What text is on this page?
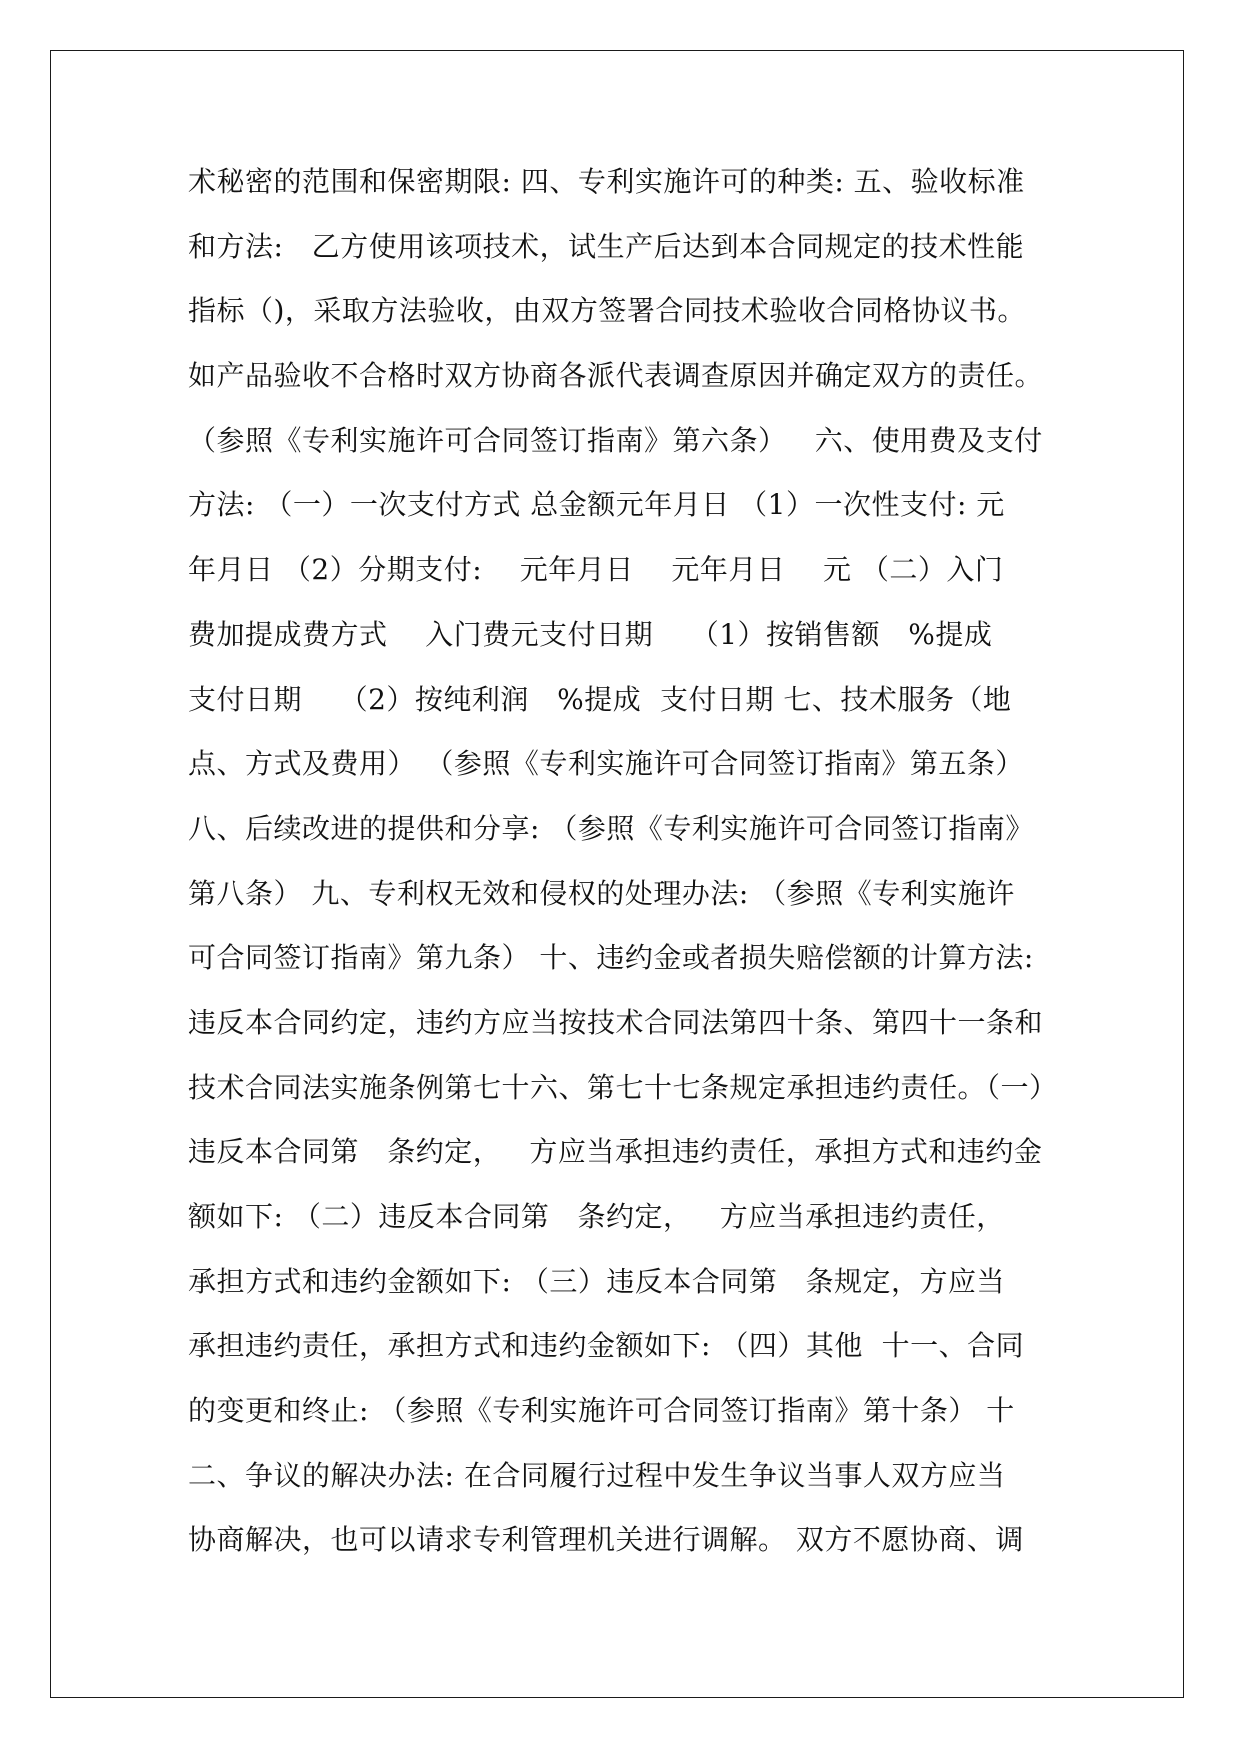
术秘密的范围和保密期限: 四、专利实施许可的种类: 五、验收标准
和方法:   乙方使用该项技术，试生产后达到本合同规定的技术性能
指标（)，采取方法验收，由双方签署合同技术验收合同格协议书。
如产品验收不合格时双方协商各派代表调查原因并确定双方的责任。
（参照《专利实施许可合同签订指南》第六条）   六、使用费及支付
方法: （一）一次支付方式 总金额元年月日 （1）一次性支付: 元
年月日 （2）分期支付:    元年月日    元年月日    元 （二）入门
费加提成费方式    入门费元支付日期    （1）按销售额   %提成
支付日期    （2）按纯利润   %提成  支付日期 七、技术服务（地
点、方式及费用） （参照《专利实施许可合同签订指南》第五条）
八、后续改进的提供和分享: （参照《专利实施许可合同签订指南》
第八条） 九、专利权无效和侵权的处理办法: （参照《专利实施许
可合同签订指南》第九条） 十、违约金或者损失赔偿额的计算方法:
违反本合同约定，违约方应当按技术合同法第四十条、第四十一条和
技术合同法实施条例第七十六、第七十七条规定承担违约责任。（一）
违反本合同第   条约定，   方应当承担违约责任，承担方式和违约金
额如下: （二）违反本合同第   条约定，   方应当承担违约责任，
承担方式和违约金额如下: （三）违反本合同第   条规定，方应当
承担违约责任，承担方式和违约金额如下: （四）其他  十一、合同
的变更和终止: （参照《专利实施许可合同签订指南》第十条） 十
二、争议的解决办法: 在合同履行过程中发生争议当事人双方应当
协商解决，也可以请求专利管理机关进行调解。 双方不愿协商、调
